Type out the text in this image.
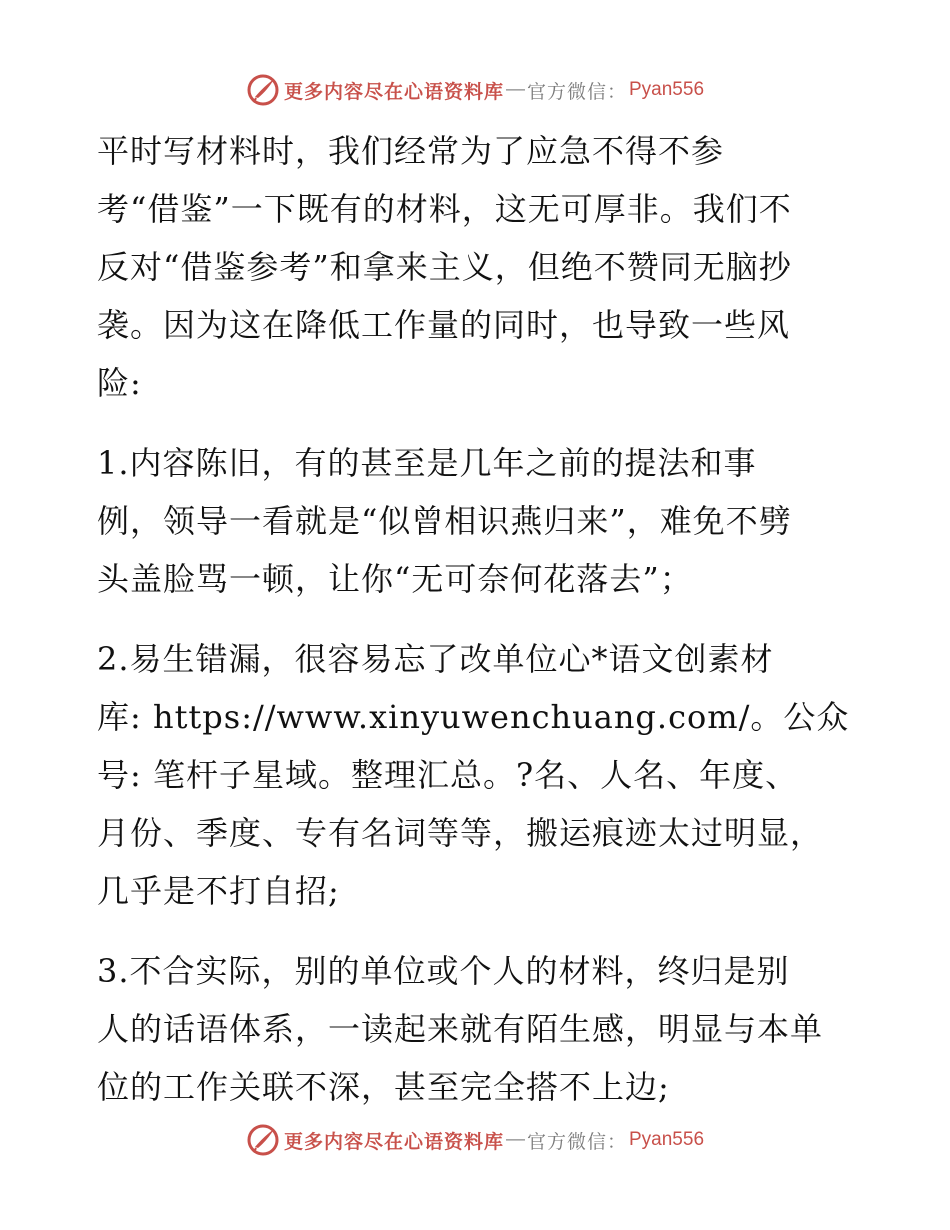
更多内容尽在心语资料库 — 官方微信： Pyan556
平时写材料时，我们经常为了应急不得不参
考“借鉴”一下既有的材料，这无可厚非。我们不
反对“借鉴参考”和拿来主义，但绝不赞同无脑抄
袭。因为这在降低工作量的同时，也导致一些风
险:
1.内容陈旧，有的甚至是几年之前的提法和事
例，领导一看就是“似曾相识燕归来”，难免不劈
头盖脸骂一顿，让你“无可奈何花落去”；
2.易生错漏，很容易忘了改单位心*语文创素材
库: https://www.xinyuwenchuang.com/。公众
号: 笔杆子星域。整理汇总。?名、人名、年度、
月份、季度、专有名词等等，搬运痕迹太过明显，
几乎是不打自招;
3.不合实际，别的单位或个人的材料，终归是别
人的话语体系，一读起来就有陌生感，明显与本单
位的工作关联不深，甚至完全搭不上边;
更多内容尽在心语资料库 — 官方微信： Pyan556
